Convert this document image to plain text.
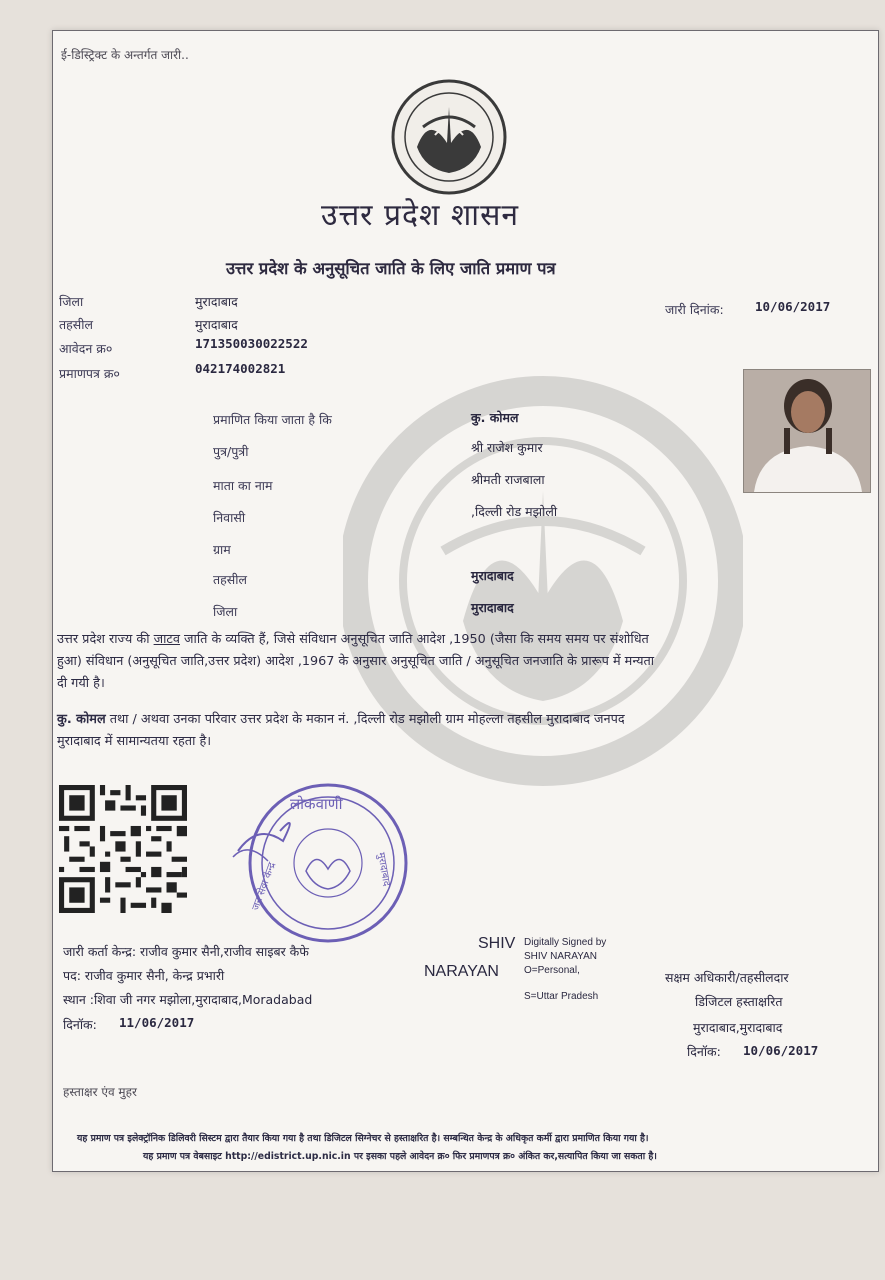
ई-डिस्ट्रिक्ट के अन्तर्गत जारी..
उत्तर प्रदेश शासन
उत्तर प्रदेश के अनुसूचित जाति के लिए जाति प्रमाण पत्र
जिला	मुरादाबाद
तहसील	मुरादाबाद
आवेदन क्र०	171350030022522
प्रमाणपत्र क्र०	042174002821
जारी दिनांक:	10/06/2017
प्रमाणित किया जाता है कि	कु. कोमल
पुत्र/पुत्री	श्री राजेश कुमार
माता का नाम	श्रीमती राजबाला
निवासी	,दिल्ली रोड मझोली
ग्राम
तहसील	मुरादाबाद
जिला	मुरादाबाद
उत्तर प्रदेश राज्य की जाटव जाति के व्यक्ति हैं, जिसे संविधान अनुसूचित जाति आदेश ,1950 (जैसा कि समय समय पर संशोधित
हुआ) संविधान (अनुसूचित जाति,उत्तर प्रदेश) आदेश ,1967 के अनुसार अनुसूचित जाति / अनुसूचित जनजाति के प्रारूप में मन्यता
दी गयी है।
कु. कोमल तथा / अथवा उनका परिवार उत्तर प्रदेश के मकान नं. ,दिल्ली रोड मझोली ग्राम मोहल्ला तहसील मुरादाबाद जनपद
मुरादाबाद में सामान्यतया रहता है।
लोकवाणी
जन सेवा केन्द्र	मुरादाबाद
जारी कर्ता केन्द्र: राजीव कुमार सैनी,राजीव साइबर कैफे
पद: राजीव कुमार सैनी, केन्द्र प्रभारी
स्थान :शिवा जी नगर मझोला,मुरादाबाद,Moradabad
दिनॉक: 11/06/2017
SHIV
NARAYAN
Digitally Signed by
SHIV NARAYAN
O=Personal,
S=Uttar Pradesh
सक्षम अधिकारी/तहसीलदार
डिजिटल हस्ताक्षरित
मुरादाबाद,मुरादाबाद
दिनॉक: 10/06/2017
हस्ताक्षर एंव मुहर
यह प्रमाण पत्र इलेक्ट्रॉनिक डिलिवरी सिस्टम द्वारा तैयार किया गया है तथा डिजिटल सिग्नेचर से हस्ताक्षरित है। सम्बन्धित केन्द्र के अधिकृत कर्मी द्वारा प्रमाणित किया गया है।
यह प्रमाण पत्र वेबसाइट http://edistrict.up.nic.in पर इसका पहले आवेदन क्र० फिर प्रमाणपत्र क्र० अंकित कर,सत्यापित किया जा सकता है।
